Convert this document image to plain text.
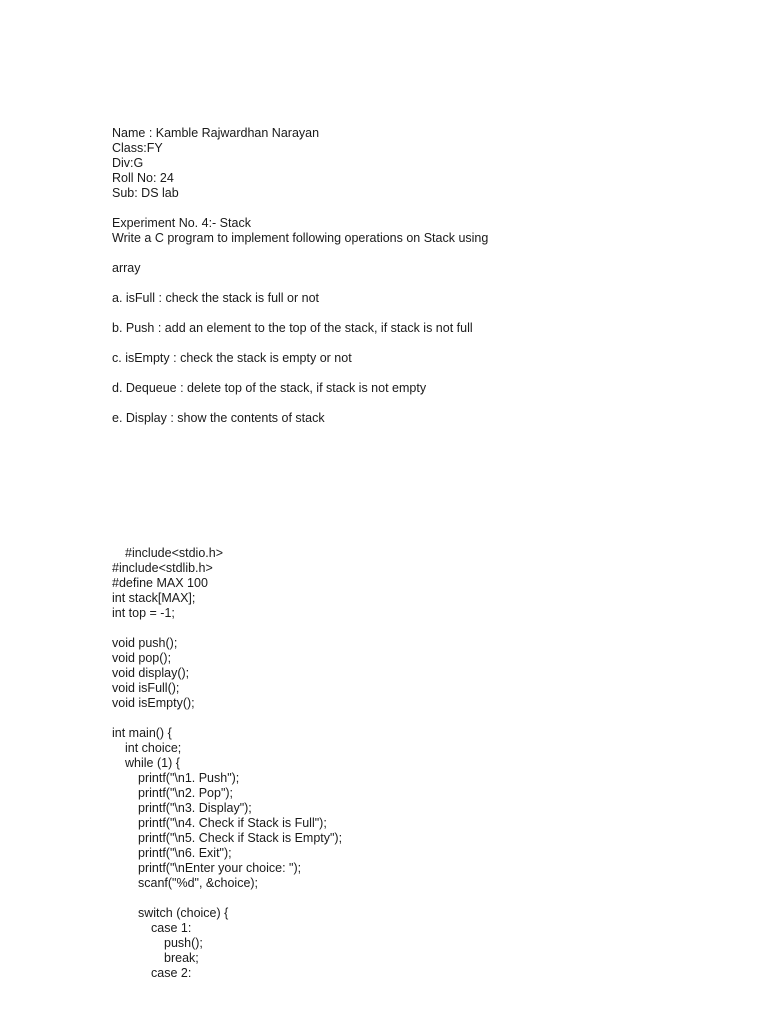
Name : Kamble Rajwardhan Narayan
Class:FY
Div:G
Roll No: 24
Sub: DS lab
Experiment No. 4:- Stack
Write a C program to implement following operations on Stack using
array
a. isFull : check the stack is full or not
b. Push : add an element to the top of the stack, if stack is not full
c. isEmpty : check the stack is empty or not
d. Dequeue : delete top of the stack, if stack is not empty
e. Display : show the contents of stack
#include<stdio.h>
#include<stdlib.h>
#define MAX 100
int stack[MAX];
int top = -1;
void push();
void pop();
void display();
void isFull();
void isEmpty();
int main() {
int choice;
while (1) {
printf("\n1. Push");
printf("\n2. Pop");
printf("\n3. Display");
printf("\n4. Check if Stack is Full");
printf("\n5. Check if Stack is Empty");
printf("\n6. Exit");
printf("\nEnter your choice: ");
scanf("%d", &choice);
switch (choice) {
case 1:
push();
break;
case 2:
